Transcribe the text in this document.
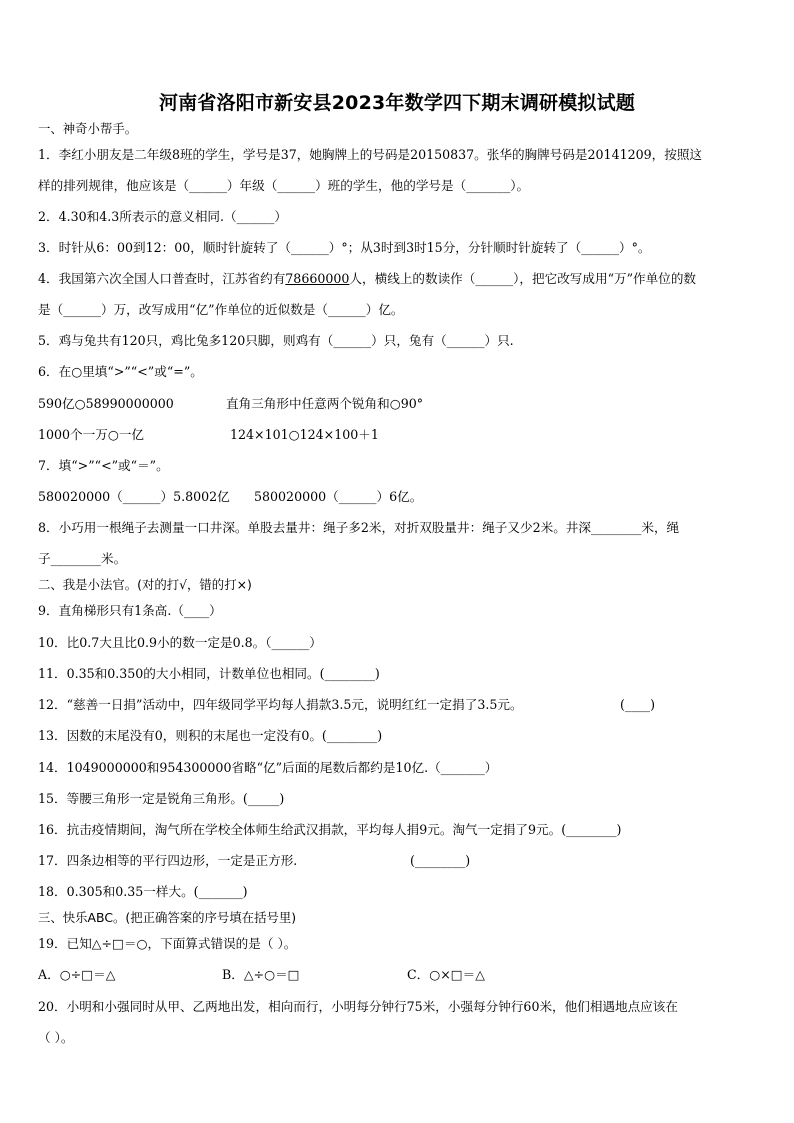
河南省洛阳市新安县2023年数学四下期末调研模拟试题
一、神奇小帮手。
1．李红小朋友是二年级8班的学生，学号是37，她胸牌上的号码是20150837。张华的胸牌号码是20141209，按照这
样的排列规律，他应该是（______）年级（______）班的学生，他的学号是（_______）。
2．4.30和4.3所表示的意义相同.（______）
3．时针从6：00到12：00，顺时针旋转了（______）°；从3时到3时15分，分针顺时针旋转了（______）°。
4．我国第六次全国人口普查时，江苏省约有78660000人，横线上的数读作（______），把它改写成用“万”作单位的数
是（______）万，改写成用“亿”作单位的近似数是（______）亿。
5．鸡与兔共有120只，鸡比兔多120只脚，则鸡有（______）只，兔有（______）只.
6．在○里填“>”“<”或“=”。
590亿○58990000000	直角三角形中任意两个锐角和○90°
1000个一万○一亿	124×101○124×100＋1
7．填“>”“<”或“＝”。
580020000（______）5.8002亿 580020000（______）6亿。
8．小巧用一根绳子去测量一口井深。单股去量井：绳子多2米，对折双股量井：绳子又少2米。井深________米，绳
子________米。
二、我是小法官。(对的打√，错的打×)
9．直角梯形只有1条高.（____）
10．比0.7大且比0.9小的数一定是0.8。（______）
11．0.35和0.350的大小相同，计数单位也相同。(________)
12．“慈善一日捐”活动中，四年级同学平均每人捐款3.5元，说明红红一定捐了3.5元。	(____)
13．因数的末尾没有0，则积的末尾也一定没有0。(________)
14．1049000000和954300000省略“亿”后面的尾数后都约是10亿.（_______）
15．等腰三角形一定是锐角三角形。(_____)
16．抗击疫情期间，淘气所在学校全体师生给武汉捐款，平均每人捐9元。淘气一定捐了9元。(________)
17．四条边相等的平行四边形，一定是正方形.	(________)
18．0.305和0.35一样大。(_______)
三、快乐ABC。(把正确答案的序号填在括号里)
19．已知△÷□＝○，下面算式错误的是（ ）。
A．○÷□＝△	B．△÷○＝□	C．○×□＝△
20．小明和小强同时从甲、乙两地出发，相向而行，小明每分钟行75米，小强每分钟行60米，他们相遇地点应该在
（ ）。
